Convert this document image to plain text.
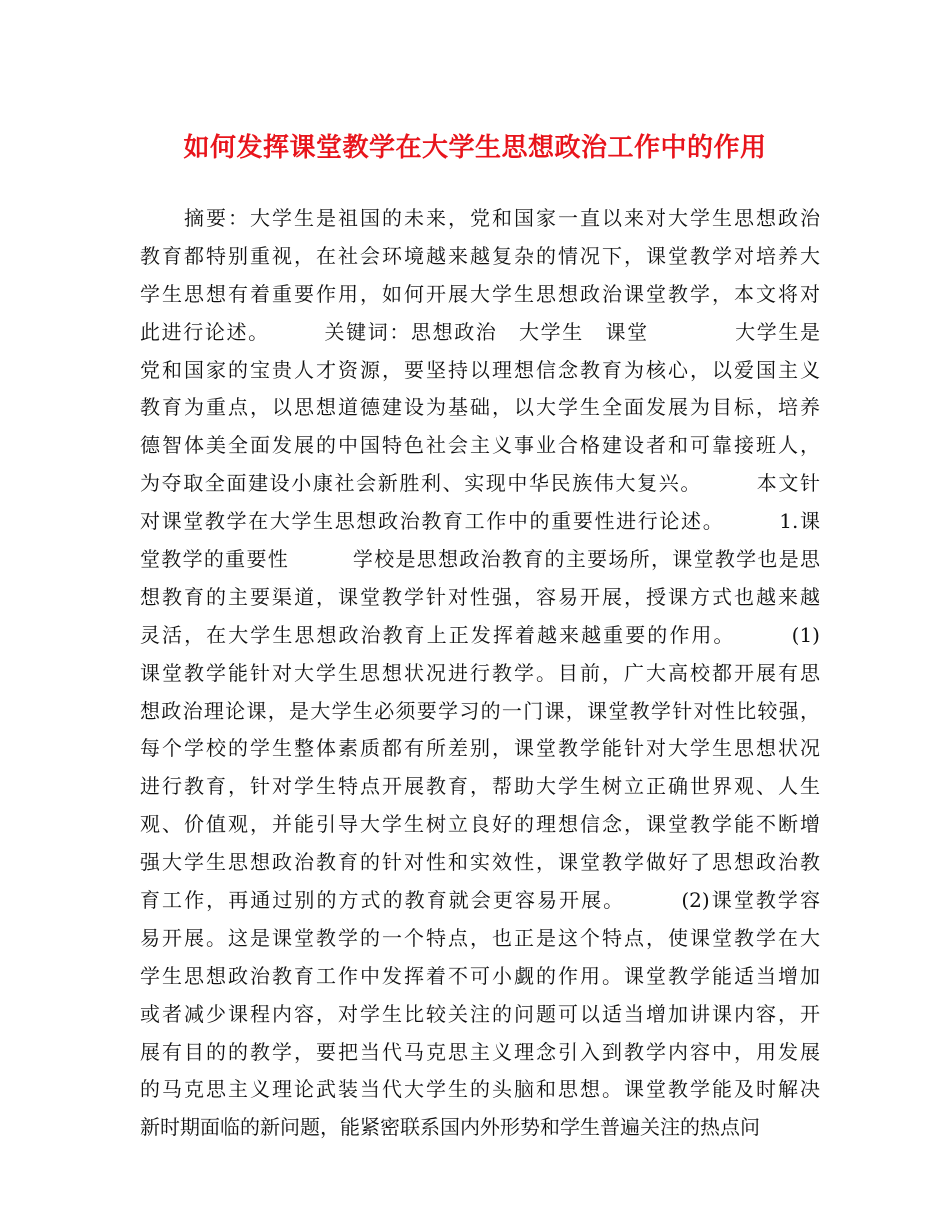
如何发挥课堂教学在大学生思想政治工作中的作用
　　摘要：大学生是祖国的未来，党和国家一直以来对大学生思想政治
教育都特别重视，在社会环境越来越复杂的情况下，课堂教学对培养大
学生思想有着重要作用，如何开展大学生思想政治课堂教学，本文将对
此进行论述。　　　关键词：思想政治　大学生　课堂　　　　大学生是
党和国家的宝贵人才资源，要坚持以理想信念教育为核心，以爱国主义
教育为重点，以思想道德建设为基础，以大学生全面发展为目标，培养
德智体美全面发展的中国特色社会主义事业合格建设者和可靠接班人，
为夺取全面建设小康社会新胜利、实现中华民族伟大复兴。　　　本文针
对课堂教学在大学生思想政治教育工作中的重要性进行论述。　　　1.课
堂教学的重要性　　　学校是思想政治教育的主要场所，课堂教学也是思
想教育的主要渠道，课堂教学针对性强，容易开展，授课方式也越来越
灵活，在大学生思想政治教育上正发挥着越来越重要的作用。　　　(1)
课堂教学能针对大学生思想状况进行教学。目前，广大高校都开展有思
想政治理论课，是大学生必须要学习的一门课，课堂教学针对性比较强，
每个学校的学生整体素质都有所差别，课堂教学能针对大学生思想状况
进行教育，针对学生特点开展教育，帮助大学生树立正确世界观、人生
观、价值观，并能引导大学生树立良好的理想信念，课堂教学能不断增
强大学生思想政治教育的针对性和实效性，课堂教学做好了思想政治教
育工作，再通过别的方式的教育就会更容易开展。　　　(2)课堂教学容
易开展。这是课堂教学的一个特点，也正是这个特点，使课堂教学在大
学生思想政治教育工作中发挥着不可小觑的作用。课堂教学能适当增加
或者减少课程内容，对学生比较关注的问题可以适当增加讲课内容，开
展有目的的教学，要把当代马克思主义理念引入到教学内容中，用发展
的马克思主义理论武装当代大学生的头脑和思想。课堂教学能及时解决
新时期面临的新问题，能紧密联系国内外形势和学生普遍关注的热点问
